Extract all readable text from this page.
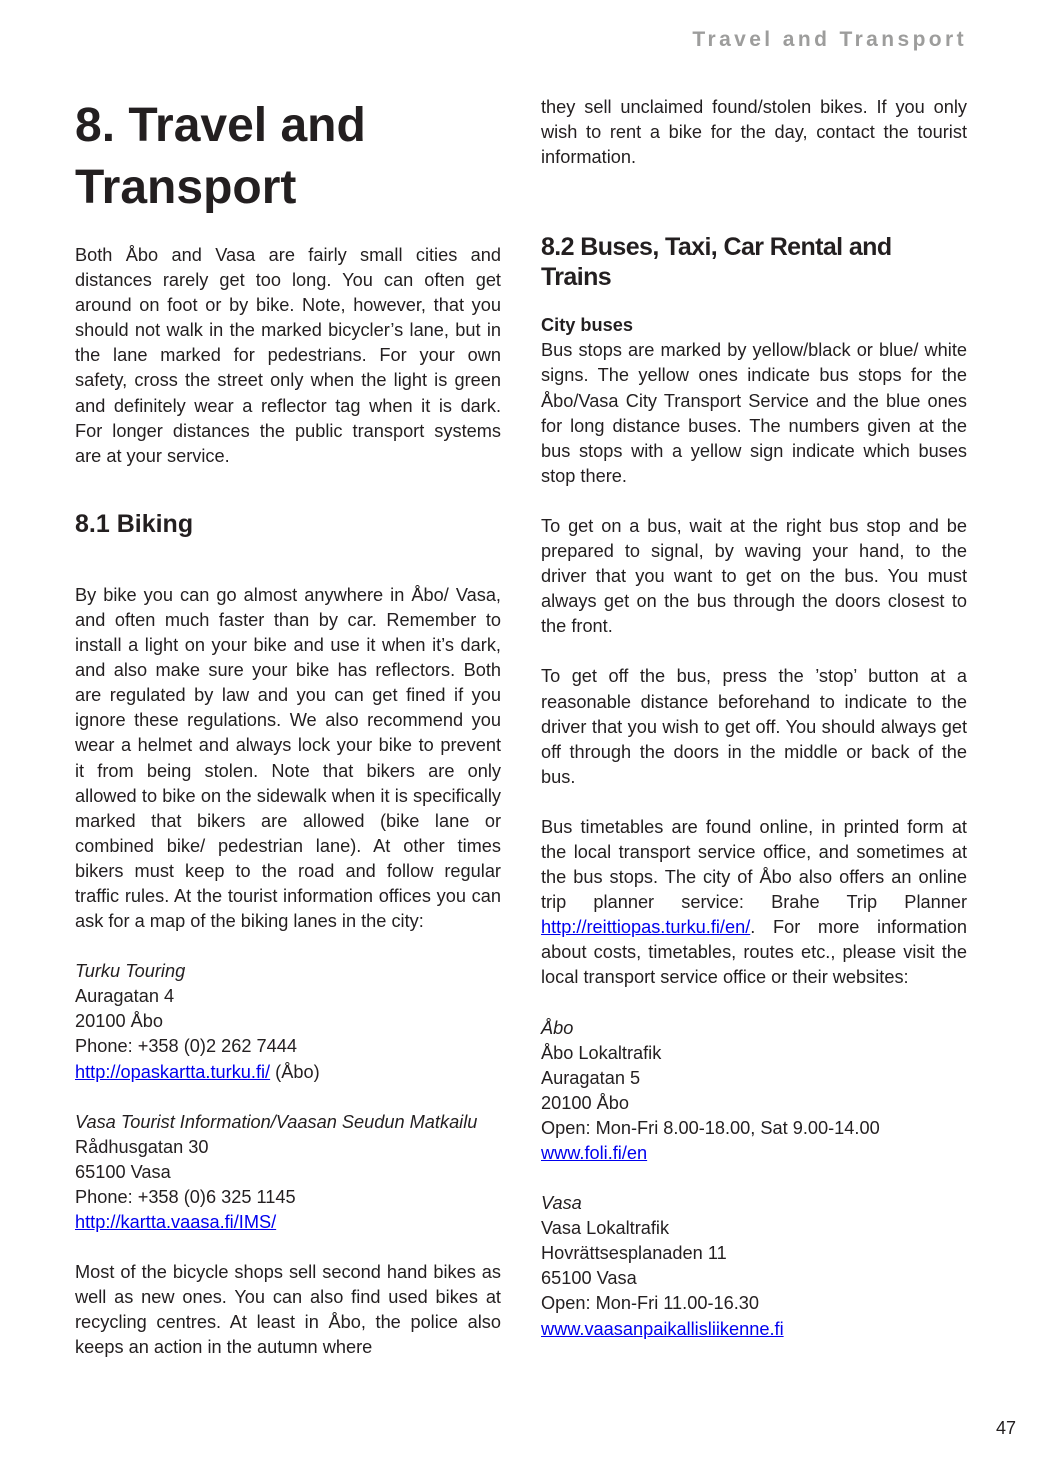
Travel and Transport
8. Travel and Transport

Both Åbo and Vasa are fairly small cities and distances rarely get too long. You can often get around on foot or by bike. Note, however, that you should not walk in the marked bicycler’s lane, but in the lane marked for pedestrians. For your own safety, cross the street only when the light is green and definitely wear a reflector tag when it is dark. For longer distances the public transport systems are at your service.

8.1 Biking

By bike you can go almost anywhere in Åbo/ Vasa, and often much faster than by car. Remember to install a light on your bike and use it when it’s dark, and also make sure your bike has reflectors. Both are regulated by law and you can get fined if you ignore these regulations. We also recommend you wear a helmet and always lock your bike to prevent it from being stolen. Note that bikers are only allowed to bike on the sidewalk when it is specifically marked that bikers are allowed (bike lane or combined bike/ pedestrian lane). At other times bikers must keep to the road and follow regular traffic rules. At the tourist information offices you can ask for a map of the biking lanes in the city:

Turku Touring
Auragatan 4
20100 Åbo
Phone: +358 (0)2 262 7444
http://opaskartta.turku.fi/ (Åbo)
Vasa Tourist Information/Vaasan Seudun Matkailu
Rådhusgatan 30
65100 Vasa
Phone: +358 (0)6 325 1145
http://kartta.vaasa.fi/IMS/

Most of the bicycle shops sell second hand bikes as well as new ones. You can also find used bikes at recycling centres. At least in Åbo, the police also keeps an action in the autumn where

they sell unclaimed found/stolen bikes. If you only wish to rent a bike for the day, contact the tourist information.

8.2 Buses, Taxi, Car Rental and Trains

City buses

Bus stops are marked by yellow/black or blue/ white signs. The yellow ones indicate bus stops for the Åbo/Vasa City Transport Service and the blue ones for long distance buses. The numbers given at the bus stops with a yellow sign indicate which buses stop there.

To get on a bus, wait at the right bus stop and be prepared to signal, by waving your hand, to the driver that you want to get on the bus. You must always get on the bus through the doors closest to the front.

To get off the bus, press the ’stop’ button at a reasonable distance beforehand to indicate to the driver that you wish to get off. You should always get off through the doors in the middle or back of the bus.

Bus timetables are found online, in printed form at the local transport service office, and sometimes at the bus stops. The city of Åbo also offers an online trip planner service: Brahe Trip Planner http://reittiopas.turku.fi/en/. For more information about costs, timetables, routes etc., please visit the local transport service office or their websites:

Åbo
Åbo Lokaltrafik
Auragatan 5
20100 Åbo
Open: Mon-Fri 8.00-18.00, Sat 9.00-14.00
www.foli.fi/en
Vasa
Vasa Lokaltrafik
Hovrättsesplanaden 11
65100 Vasa
Open: Mon-Fri 11.00-16.30
www.vaasanpaikallisliikenne.fi
47
